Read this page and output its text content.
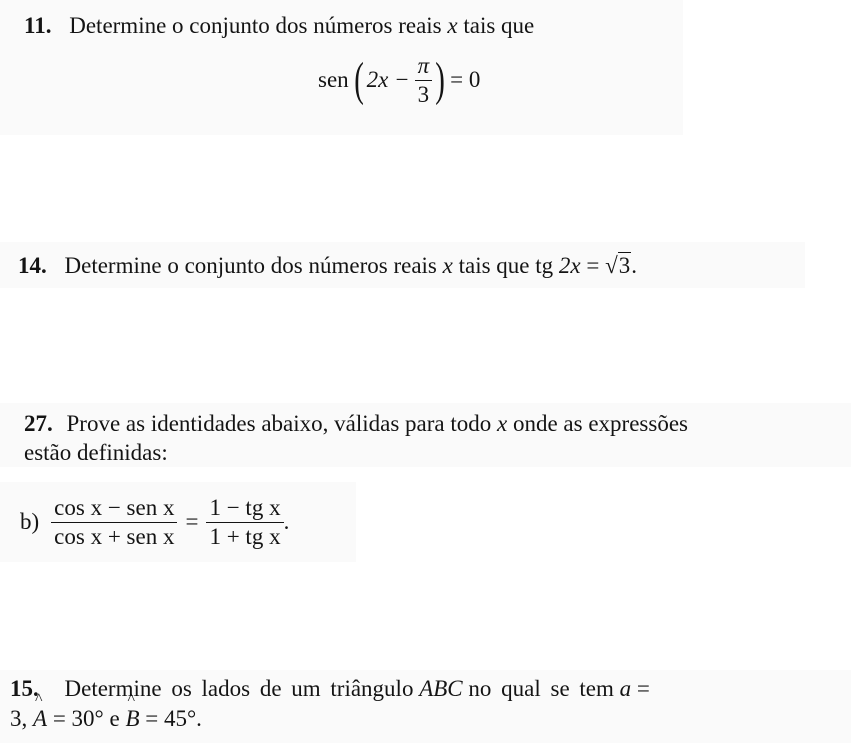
11. Determine o conjunto dos números reais x tais que
sen ( $2x - \frac{\pi}{3}$ ) = 0
14. Determine o conjunto dos números reais x tais que tg 2x = √3.
27. Prove as identidades abaixo, válidas para todo x onde as expressões
estão definidas:
$b) \frac{\text{cos x − sen x}}{\text{cos x + sen x}} = \frac{\text{1 − tg x}}{\text{1 + tg x}}$ .
15. Determine os lados de um triângulo ABC no qual se tem a =
3, ^ A = 30° e ^ B = 45°.
